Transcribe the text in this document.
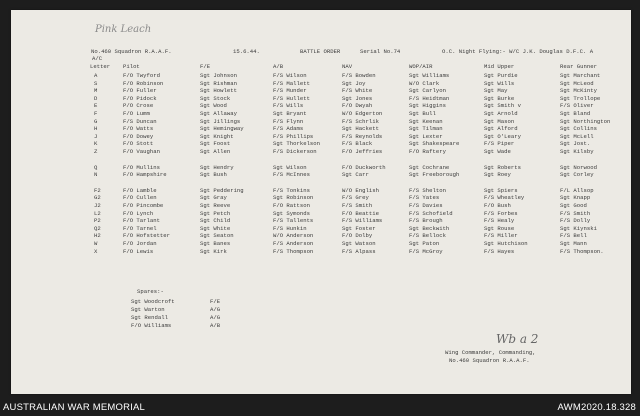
Pink Leach
No.460 Squadron R.A.A.F.	15.6.44.	BATTLE ORDER	Serial No.74	O.C. Night Flying:- W/C J.K. Douglas D.F.C. A
A/C
Letter Pilot	F/E	A/B	NAV	WOP/AIR	Mid Upper	Rear Gunner
A	F/O Twyford	Sgt Johnson	F/S Wilson	F/S Bowden	Sgt Williams	Sgt Purdie	Sgt Marchant
S	F/O Robinson	Sgt Rishman	F/S Mallett	Sgt Joy	W/O Clark	Sgt Wills	Sgt McLeod
M	F/O Fuller	Sgt Howlett	F/S Munder	F/S White	Sgt Carlyon	Sgt May	Sgt McKinty
D	F/O Pidock	Sgt Stock	F/S Hullett	Sgt Jones	F/S Heidtman	Sgt Burke	Sgt Trollope
E	P/O Crose	Sgt Wood	F/S Wills	F/O Dwyah	Sgt Higgins	Sgt Smith v	F/S Oliver
F	F/O Lumm	Sgt Allaway	Sgt Bryant	W/O Edgerton	Sgt Bull	Sgt Arnold	Sgt Bland
G	F/S Duncan	Sgt Jillings	F/S Flynn	F/S Schrlik	Sgt Keenan	Sgt Mason	Sgt Northington
H	F/O Watts	Sgt Hemingway	F/S Adams	Sgt Hackett	Sgt Tilman	Sgt Alford	Sgt Collins
J	F/O Dowey	Sgt Knight	F/S Phillips	F/S Reynolds	Sgt Lexter	Sgt O'Leary	Sgt McLell
K	F/O Stott	Sgt Foost	Sgt Thorkelson	F/S Black	Sgt Shakespeare	F/S Piper	Sgt Jost.
Z	F/O Vaughan	Sgt Allen	F/S Dickerson	F/O Jeffries	F/O Raftery	Sgt Wade	Sgt Kilsby
Q	F/O Mullins	Sgt Hendry	Sgt Wilson	F/O Duckworth	Sgt Cochrane	Sgt Roberts	Sgt Norwood
N	F/O Hampshire	Sgt Bush	F/S McInnes	Sgt Carr	Sgt Freeborough	Sgt Roey	Sgt Corley
F2	F/O Lamble	Sgt Peddering	F/S Tonkins	W/O English	F/S Shelton	Sgt Spiers	F/L Allsop
G2	F/O Cullen	Sgt Gray	Sgt Robinson	F/S Grey	F/S Yates	F/S Wheatley	Sgt Knapp
J2	F/O Pincombe	Sgt Reeve	F/O Rattson	F/S Smith	F/S Davies	F/O Bush	Sgt Good
L2	F/O Lynch	Sgt Petch	Sgt Symonds	F/O Beattie	F/S Schofield	F/S Forbes	F/S Smith
P2	F/O Tarlant	Sgt Child	F/S Tallents	F/S Williams	F/S Brough	F/S Healy	F/S Dolly
Q2	F/O Tarnel	Sgt White	F/S Hunkin	Sgt Foster	Sgt Beckwith	Sgt Rouse	Sgt Kiynski
H2	F/O Hofstetter	Sgt Seaton	W/O Anderson	F/O Dolby	F/S Bellock	F/S Miller	F/S Bell
W	F/O Jordan	Sgt Banes	F/S Anderson	Sgt Watson	Sgt Paton	Sgt Hutchison	Sgt Mann
X	F/O Lewis	Sgt Kirk	F/S Thompson	F/S Alpass	F/S McGroy	F/S Hayes	F/S Thompson.
Spares:-
Sgt Woodcroft	F/E
Sgt Warton	A/G
Sgt Rendall	A/G
F/O Williams	A/B
Wb a 2
Wing Commander, Commanding,
No.460 Squadron R.A.A.F.
AUSTRALIAN WAR MEMORIAL	AWM2020.18.328
